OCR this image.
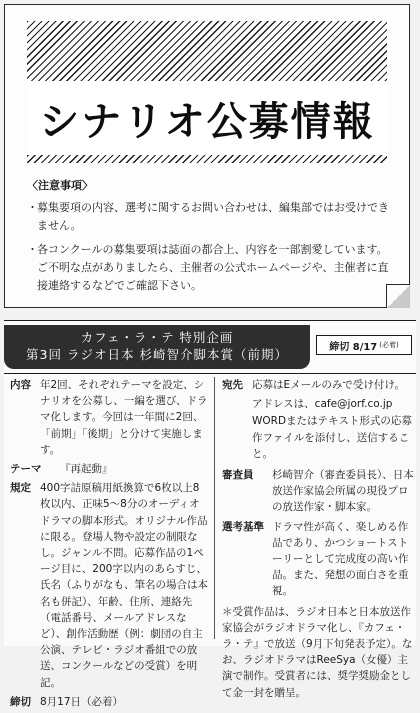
シナリオ公募情報
〈注意事項〉
・ 募集要項の内容、選考に関するお問い合わせは、編集部ではお受けできません。
・ 各コンクールの募集要項は誌面の都合上、内容を一部割愛しています。ご不明な点がありましたら、主催者の公式ホームページや、主催者に直接連絡するなどでご確認下さい。
カフェ・ラ・テ 特別企画
第3回 ラジオ日本 杉崎智介脚本賞（前期）	締切 8/17 (必着)
内容 年2回、それぞれテーマを設定、シナリオを公募し、一編を選び、ドラマ化します。今回は一年間に2回、「前期」「後期」と分けて実施します。
テーマ	『再起動』
規定 400字詰原稿用紙換算で6枚以上8枚以内、正味5～8分のオーディオドラマの脚本形式。オリジナル作品に限る。登場人物や設定の制限なし。ジャンル不問。応募作品の1ページ目に、200字以内のあらすじ、氏名（ふりがなも、筆名の場合は本名も併記）、年齢、住所、連絡先（電話番号、メールアドレスなど）、創作活動歴（例：劇団の自主公演、テレビ・ラジオ番組での放送、コンクールなどの受賞）を明記。
締切 8月17日（必着）
宛先 応募はEメールのみで受け付け。
アドレスは、cafe@jorf.co.jp
WORDまたはテキスト形式の応募作ファイルを添付し、送信すること。
審査員	杉崎智介（審査委員長）、日本放送作家協会所属の現役プロの放送作家・脚本家。
選考基準 ドラマ性が高く、楽しめる作品であり、かつショートストーリーとして完成度の高い作品。また、発想の面白さを重視。
＊受賞作品は、ラジオ日本と日本放送作家協会がラジオドラマ化し、『カフェ・ラ・テ』で放送（9月下旬発表予定）。なお、ラジオドラマはReeSya（女優）主演で制作。受賞者には、奨学奨励金として金一封を贈呈。
